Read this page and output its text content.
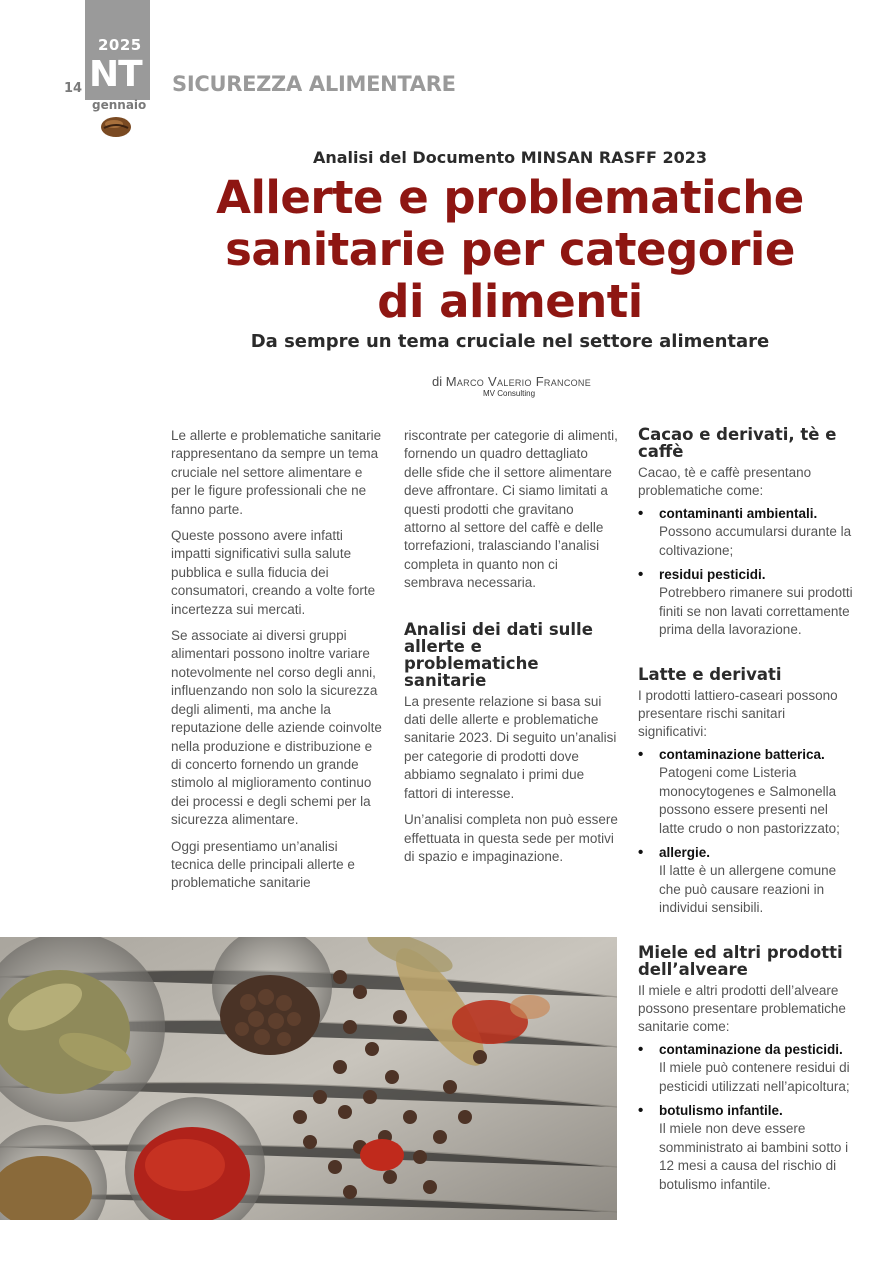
2025
NT
gennaio
14	SICUREZZA ALIMENTARE
Analisi del Documento MINSAN RASFF 2023
Allerte e problematiche
sanitarie per categorie
di alimenti
Da sempre un tema cruciale nel settore alimentare
di Marco Valerio Francone
MV Consulting

Le allerte e problematiche sanitarie rappresentano da sempre un tema cruciale nel settore alimentare e per le figure professionali che ne fanno parte.

Queste possono avere infatti impatti significativi sulla salute pubblica e sulla fiducia dei consumatori, creando a volte forte incertezza sui mercati.

Se associate ai diversi gruppi alimentari possono inoltre variare notevolmente nel corso degli anni, influenzando non solo la sicurezza degli alimenti, ma anche la reputazione delle aziende coinvolte nella produzione e distribuzione e di concerto fornendo un grande stimolo al miglioramento continuo dei processi e degli schemi per la sicurezza alimentare.

Oggi presentiamo un’analisi tecnica delle principali allerte e problematiche sanitarie

riscontrate per categorie di alimenti, fornendo un quadro dettagliato delle sfide che il settore alimentare deve affrontare. Ci siamo limitati a questi prodotti che gravitano attorno al settore del caffè e delle torrefazioni, tralasciando l’analisi completa in quanto non ci sembrava necessaria.

Analisi dei dati sulle allerte e problematiche sanitarie

La presente relazione si basa sui dati delle allerte e problematiche sanitarie 2023. Di seguito un’analisi per categorie di prodotti dove abbiamo segnalato i primi due fattori di interesse.

Un’analisi completa non può essere effettuata in questa sede per motivi di spazio e impaginazione.

Cacao e derivati, tè e caffè
Cacao, tè e caffè presentano problematiche come:
• contaminanti ambientali.
Possono accumularsi durante la coltivazione;
• residui pesticidi.
Potrebbero rimanere sui prodotti finiti se non lavati correttamente prima della lavorazione.
Latte e derivati
I prodotti lattiero-caseari possono presentare rischi sanitari significativi:
• contaminazione batterica.
Patogeni come Listeria monocytogenes e Salmonella possono essere presenti nel latte crudo o non pastorizzato;
• allergie.
Il latte è un allergene comune che può causare reazioni in individui sensibili.
Miele ed altri prodotti dell’alveare
Il miele e altri prodotti dell’alveare possono presentare problematiche sanitarie come:
• contaminazione da pesticidi.
Il miele può contenere residui di pesticidi utilizzati nell’apicoltura;
• botulismo infantile.
Il miele non deve essere somministrato ai bambini sotto i 12 mesi a causa del rischio di botulismo infantile.
